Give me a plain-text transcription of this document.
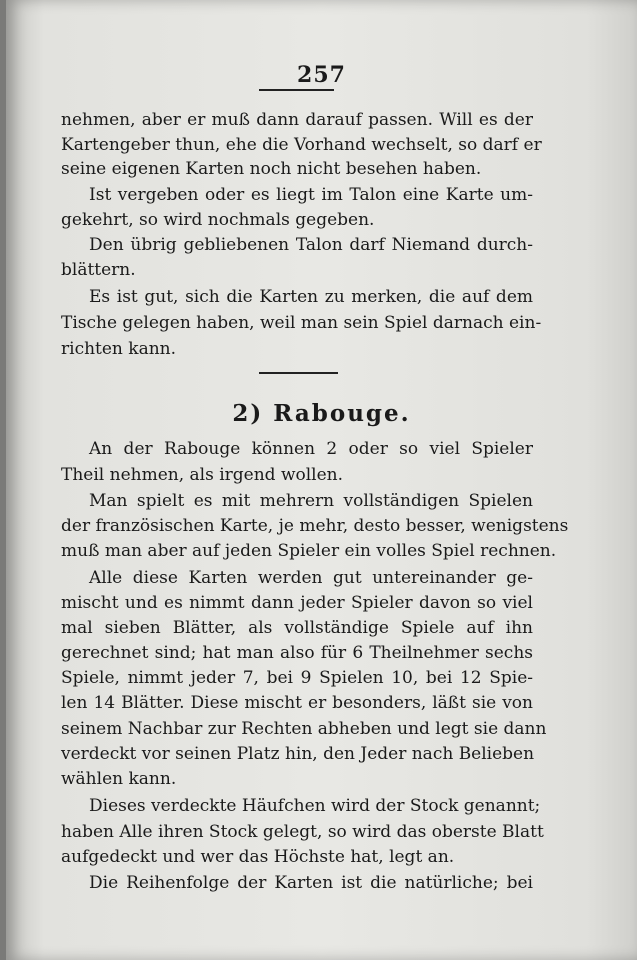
257
nehmen, aber er muß dann darauf passen. Will es der
Kartengeber thun, ehe die Vorhand wechselt, so darf er
seine eigenen Karten noch nicht besehen haben.
Ist vergeben oder es liegt im Talon eine Karte um-
gekehrt, so wird nochmals gegeben.
Den übrig gebliebenen Talon darf Niemand durch-
blättern.
Es ist gut, sich die Karten zu merken, die auf dem
Tische gelegen haben, weil man sein Spiel darnach ein-
richten kann.
2) Rabouge.
An der Rabouge können 2 oder so viel Spieler
Theil nehmen, als irgend wollen.
Man spielt es mit mehrern vollständigen Spielen
der französischen Karte, je mehr, desto besser, wenigstens
muß man aber auf jeden Spieler ein volles Spiel rechnen.
Alle diese Karten werden gut untereinander ge-
mischt und es nimmt dann jeder Spieler davon so viel
mal sieben Blätter, als vollständige Spiele auf ihn
gerechnet sind; hat man also für 6 Theilnehmer sechs
Spiele, nimmt jeder 7, bei 9 Spielen 10, bei 12 Spie-
len 14 Blätter. Diese mischt er besonders, läßt sie von
seinem Nachbar zur Rechten abheben und legt sie dann
verdeckt vor seinen Platz hin, den Jeder nach Belieben
wählen kann.
Dieses verdeckte Häufchen wird der Stock genannt;
haben Alle ihren Stock gelegt, so wird das oberste Blatt
aufgedeckt und wer das Höchste hat, legt an.
Die Reihenfolge der Karten ist die natürliche; bei
